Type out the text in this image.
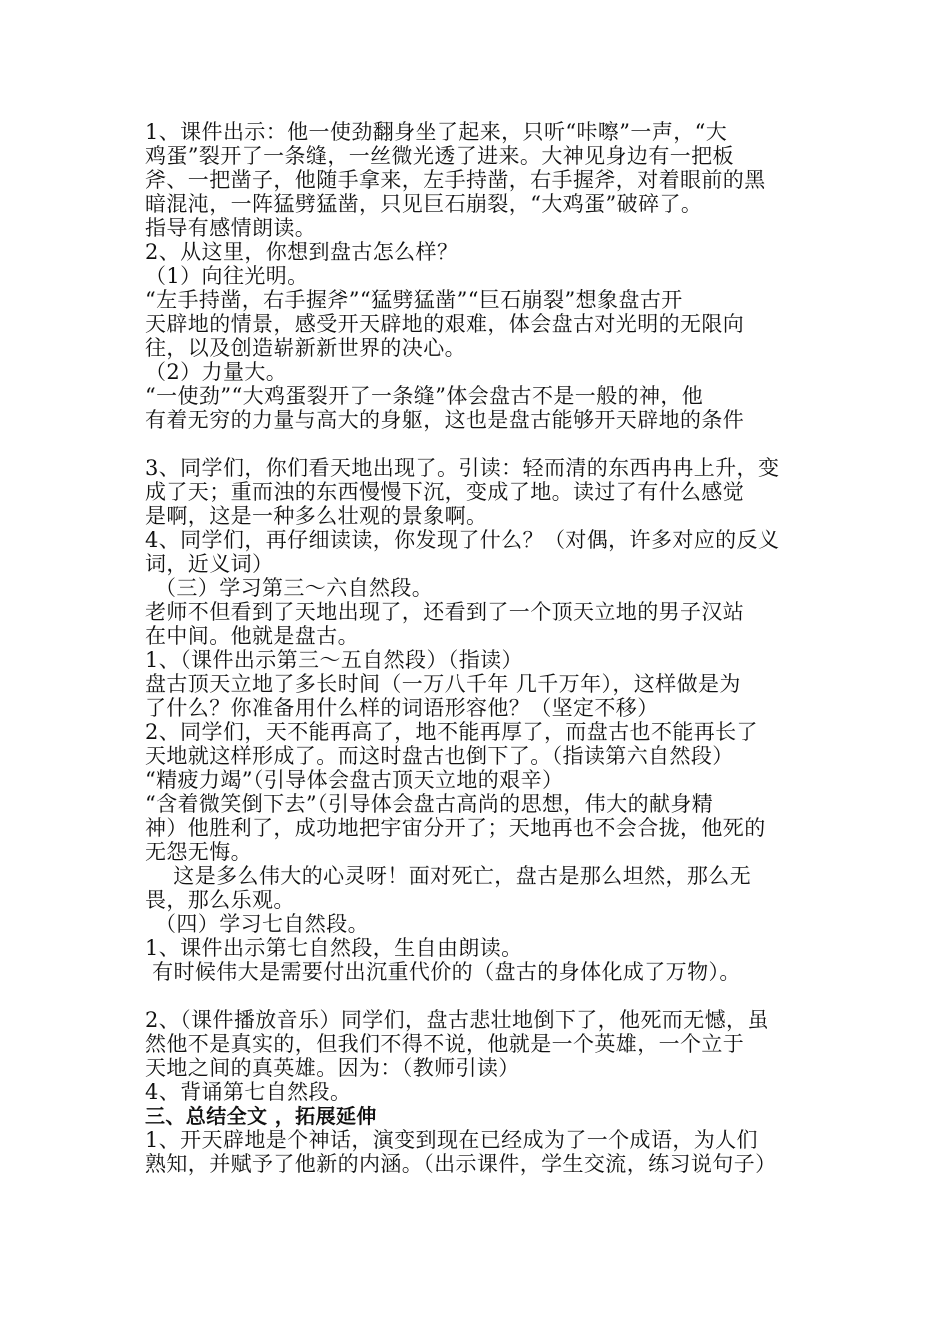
1、课件出示：他一使劲翻身坐了起来，只听“咔嚓”一声，“大
鸡蛋”裂开了一条缝，一丝微光透了进来。大神见身边有一把板
斧、一把凿子，他随手拿来，左手持凿，右手握斧，对着眼前的黑
暗混沌，一阵猛劈猛凿，只见巨石崩裂，“大鸡蛋”破碎了。
指导有感情朗读。
2、从这里，你想到盘古怎么样？
（1）向往光明。
“左手持凿，右手握斧”“猛劈猛凿”“巨石崩裂”想象盘古开
天辟地的情景，感受开天辟地的艰难，体会盘古对光明的无限向
往，以及创造崭新新世界的决心。
（2）力量大。
“一使劲”“大鸡蛋裂开了一条缝”体会盘古不是一般的神，他
有着无穷的力量与高大的身躯，这也是盘古能够开天辟地的条件
3、同学们，你们看天地出现了。引读：轻而清的东西冉冉上升，变
成了天；重而浊的东西慢慢下沉，变成了地。读过了有什么感觉
是啊，这是一种多么壮观的景象啊。
4、同学们，再仔细读读，你发现了什么？（对偶，许多对应的反义
词，近义词）
（三）学习第三～六自然段。
老师不但看到了天地出现了，还看到了一个顶天立地的男子汉站
在中间。他就是盘古。
1、（课件出示第三～五自然段）（指读）
盘古顶天立地了多长时间（一万八千年 几千万年），这样做是为
了什么？你准备用什么样的词语形容他？（坚定不移）
2、同学们，天不能再高了，地不能再厚了，而盘古也不能再长了
天地就这样形成了。而这时盘古也倒下了。（指读第六自然段）
“精疲力竭”（引导体会盘古顶天立地的艰辛）
“含着微笑倒下去”（引导体会盘古高尚的思想，伟大的献身精
神）他胜利了，成功地把宇宙分开了；天地再也不会合拢，他死的
无怨无悔。
这是多么伟大的心灵呀！面对死亡，盘古是那么坦然，那么无
畏，那么乐观。
（四）学习七自然段。
1、课件出示第七自然段，生自由朗读。
有时候伟大是需要付出沉重代价的（盘古的身体化成了万物）。
2、（课件播放音乐）同学们，盘古悲壮地倒下了，他死而无憾，虽
然他不是真实的，但我们不得不说，他就是一个英雄，一个立于
天地之间的真英雄。因为：（教师引读）
4、背诵第七自然段。
三、总结全文 ，拓展延伸
1、开天辟地是个神话，演变到现在已经成为了一个成语，为人们
熟知，并赋予了他新的内涵。（出示课件，学生交流，练习说句子）
